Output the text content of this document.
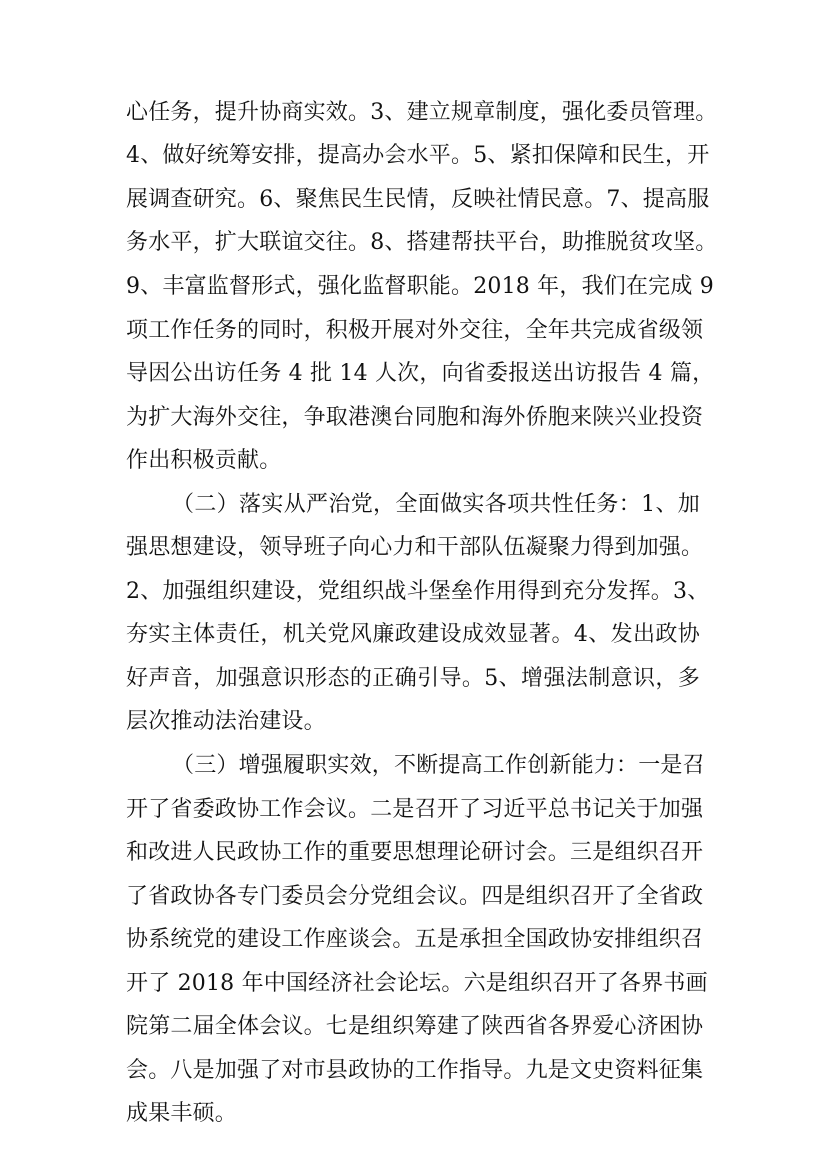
心任务，提升协商实效。3、建立规章制度，强化委员管理。
4、做好统筹安排，提高办会水平。5、紧扣保障和民生，开
展调查研究。6、聚焦民生民情，反映社情民意。7、提高服
务水平，扩大联谊交往。8、搭建帮扶平台，助推脱贫攻坚。
9、丰富监督形式，强化监督职能。2018 年，我们在完成 9
项工作任务的同时，积极开展对外交往，全年共完成省级领
导因公出访任务 4 批 14 人次，向省委报送出访报告 4 篇，
为扩大海外交往，争取港澳台同胞和海外侨胞来陕兴业投资
作出积极贡献。
（二）落实从严治党，全面做实各项共性任务：1、加
强思想建设，领导班子向心力和干部队伍凝聚力得到加强。
2、加强组织建设，党组织战斗堡垒作用得到充分发挥。3、
夯实主体责任，机关党风廉政建设成效显著。4、发出政协
好声音，加强意识形态的正确引导。5、增强法制意识，多
层次推动法治建设。
（三）增强履职实效，不断提高工作创新能力：一是召
开了省委政协工作会议。二是召开了习近平总书记关于加强
和改进人民政协工作的重要思想理论研讨会。三是组织召开
了省政协各专门委员会分党组会议。四是组织召开了全省政
协系统党的建设工作座谈会。五是承担全国政协安排组织召
开了 2018 年中国经济社会论坛。六是组织召开了各界书画
院第二届全体会议。七是组织筹建了陕西省各界爱心济困协
会。八是加强了对市县政协的工作指导。九是文史资料征集
成果丰硕。
